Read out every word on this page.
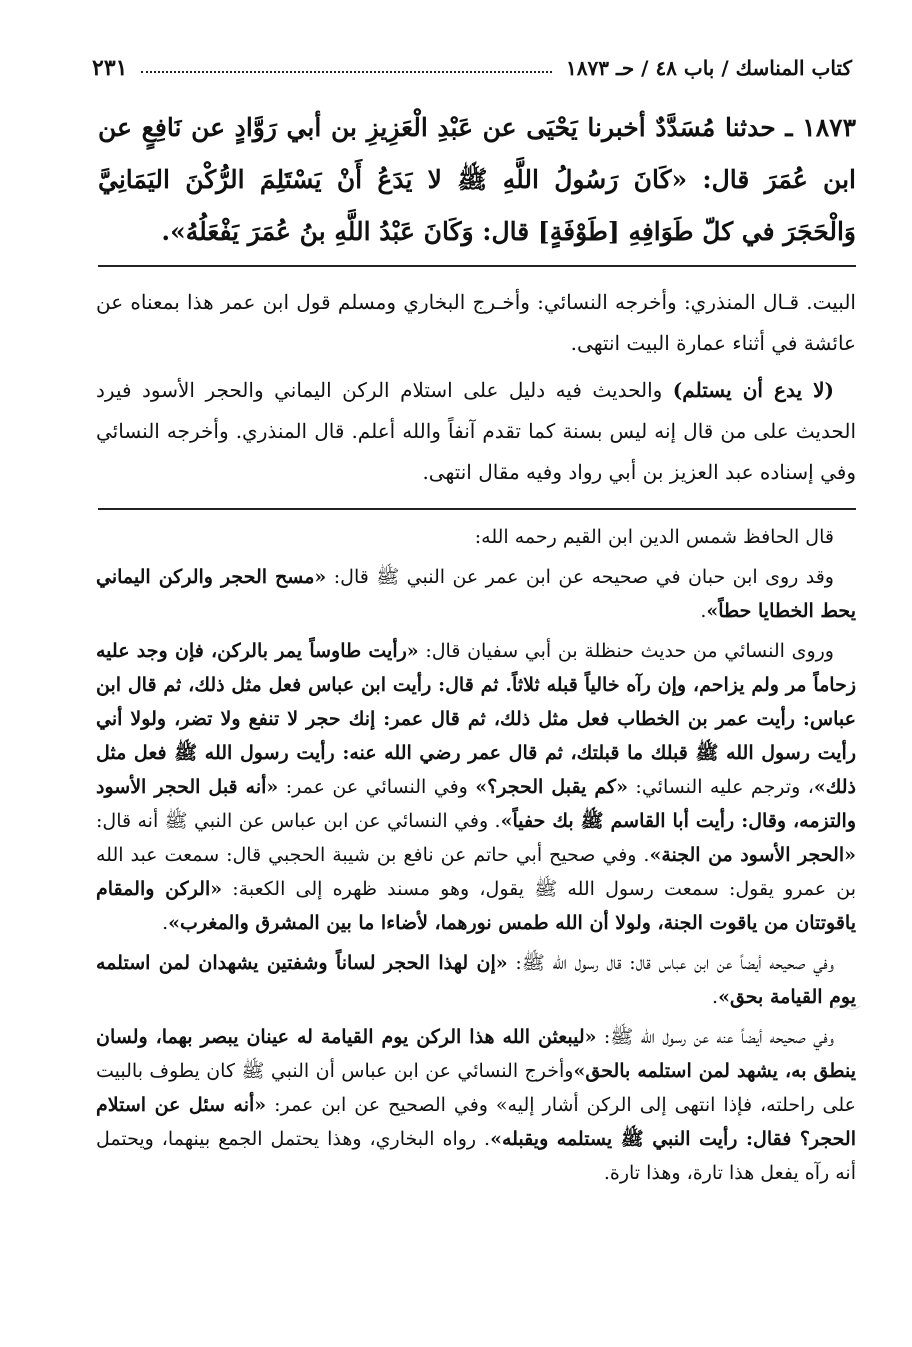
كتاب المناسك / باب ٤٨ / حـ ١٨٧٣
٢٣١
١٨٧٣ ـ حدثنا مُسَدَّدٌ أخبرنا يَحْيَى عن عَبْدِ الْعَزِيزِ بن أبي رَوَّادٍ عن نَافِعٍ عن ابن عُمَرَ قال: «كَانَ رَسُولُ اللَّهِ ﷺ لا يَدَعُ أَنْ يَسْتَلِمَ الرُّكْنَ اليَمَانِيَّ وَالْحَجَرَ في كلّ طَوَافِهِ [طَوْفَةٍ] قال: وَكَانَ عَبْدُ اللَّهِ بنُ عُمَرَ يَفْعَلُهُ».

البيت. قـال المنذري: وأخرجه النسائي: وأخـرج البخاري ومسلم قول ابن عمر هذا بمعناه عن عائشة في أثناء عمارة البيت انتهى.

(لا يدع أن يستلم) والحديث فيه دليل على استلام الركن اليماني والحجر الأسود فيرد الحديث على من قال إنه ليس بسنة كما تقدم آنفاً والله أعلم. قال المنذري. وأخرجه النسائي وفي إسناده عبد العزيز بن أبي رواد وفيه مقال انتهى.

قال الحافظ شمس الدين ابن القيم رحمه الله:

وقد روى ابن حبان في صحيحه عن ابن عمر عن النبي ﷺ قال: «مسح الحجر والركن اليماني يحط الخطايا حطاً».

وروى النسائي من حديث حنظلة بن أبي سفيان قال: «رأيت طاوساً يمر بالركن، فإن وجد عليه زحاماً مر ولم يزاحم، وإن رآه خالياً قبله ثلاثاً. ثم قال: رأيت ابن عباس فعل مثل ذلك، ثم قال ابن عباس: رأيت عمر بن الخطاب فعل مثل ذلك، ثم قال عمر: إنك حجر لا تنفع ولا تضر، ولولا أني رأيت رسول الله ﷺ قبلك ما قبلتك، ثم قال عمر رضي الله عنه: رأيت رسول الله ﷺ فعل مثل ذلك»، وترجم عليه النسائي: «كم يقبل الحجر؟» وفي النسائي عن عمر: «أنه قبل الحجر الأسود والتزمه، وقال: رأيت أبا القاسم ﷺ بك حفياً». وفي النسائي عن ابن عباس عن النبي ﷺ أنه قال: «الحجر الأسود من الجنة». وفي صحيح أبي حاتم عن نافع بن شيبة الحجبي قال: سمعت عبد الله بن عمرو يقول: سمعت رسول الله ﷺ يقول، وهو مسند ظهره إلى الكعبة: «الركن والمقام ياقوتتان من ياقوت الجنة، ولولا أن الله طمس نورهما، لأضاءا ما بين المشرق والمغرب».

وفي صحيحه أيضاً عن ابن عباس قال: قال رسول الله ﷺ: «إن لهذا الحجر لساناً وشفتين يشهدان لمن استلمه يوم القيامة بحق».

وفي صحيحه أيضاً عنه عن رسول الله ﷺ: «ليبعثن الله هذا الركن يوم القيامة له عينان يبصر بهما، ولسان ينطق به، يشهد لمن استلمه بالحق»وأخرج النسائي عن ابن عباس أن النبي ﷺ كان يطوف بالبيت على راحلته، فإذا انتهى إلى الركن أشار إليه» وفي الصحيح عن ابن عمر: «أنه سئل عن استلام الحجر؟ فقال: رأيت النبي ﷺ يستلمه ويقبله». رواه البخاري، وهذا يحتمل الجمع بينهما، ويحتمل أنه رآه يفعل هذا تارة، وهذا تارة.
